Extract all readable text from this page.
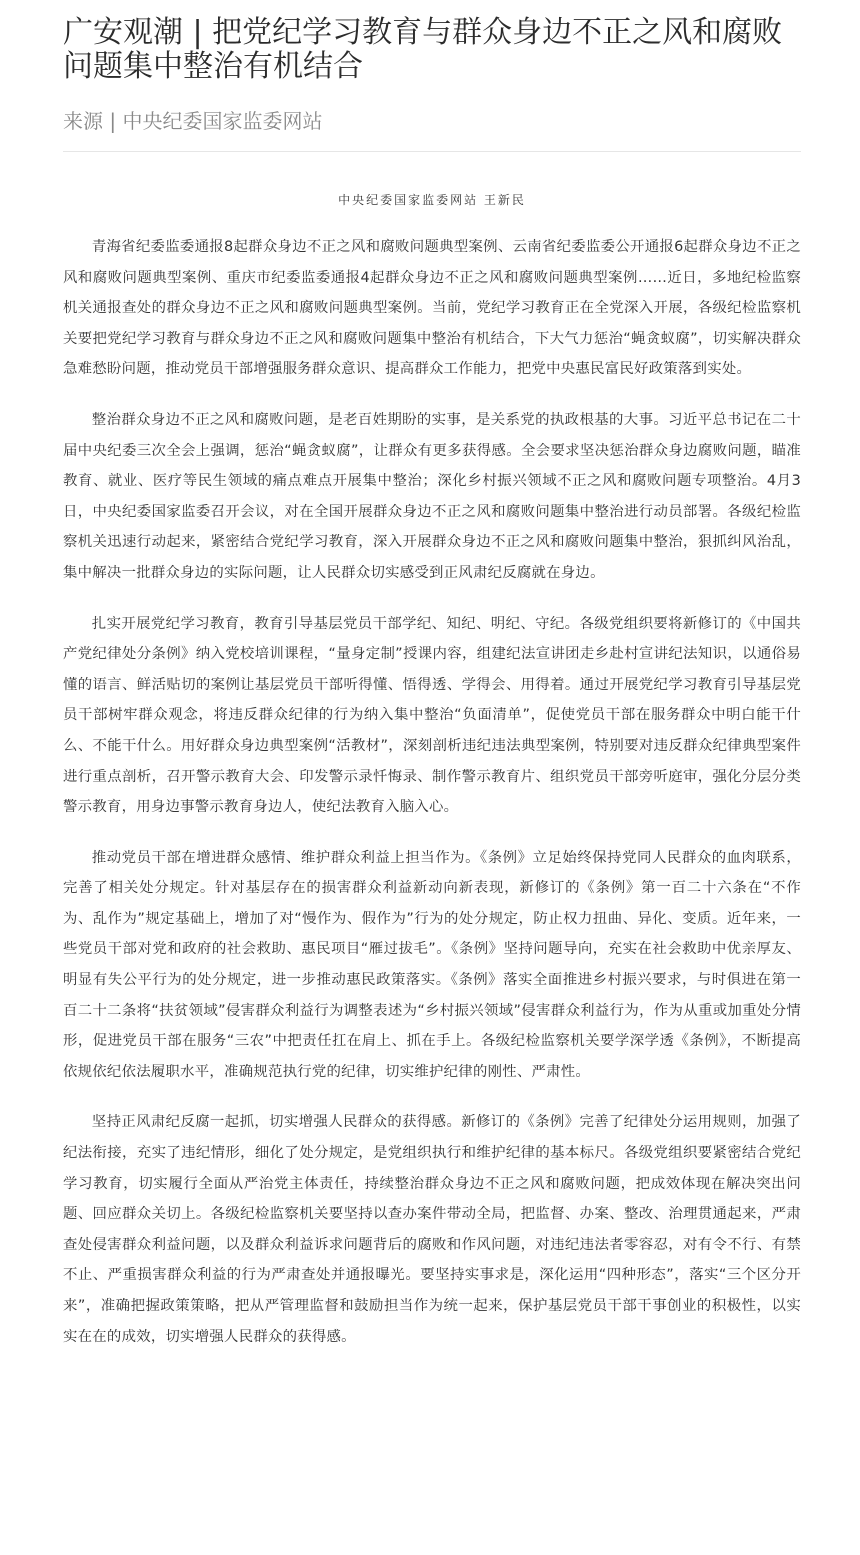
广安观潮 | 把党纪学习教育与群众身边不正之风和腐败问题集中整治有机结合
来源 | 中央纪委国家监委网站
中央纪委国家监委网站 王新民

青海省纪委监委通报8起群众身边不正之风和腐败问题典型案例、云南省纪委监委公开通报6起群众身边不正之风和腐败问题典型案例、重庆市纪委监委通报4起群众身边不正之风和腐败问题典型案例……近日，多地纪检监察机关通报查处的群众身边不正之风和腐败问题典型案例。当前，党纪学习教育正在全党深入开展，各级纪检监察机关要把党纪学习教育与群众身边不正之风和腐败问题集中整治有机结合，下大气力惩治“蝇贪蚁腐”，切实解决群众急难愁盼问题，推动党员干部增强服务群众意识、提高群众工作能力，把党中央惠民富民好政策落到实处。

整治群众身边不正之风和腐败问题，是老百姓期盼的实事，是关系党的执政根基的大事。习近平总书记在二十届中央纪委三次全会上强调，惩治“蝇贪蚁腐”，让群众有更多获得感。全会要求坚决惩治群众身边腐败问题，瞄准教育、就业、医疗等民生领域的痛点难点开展集中整治；深化乡村振兴领域不正之风和腐败问题专项整治。4月3日，中央纪委国家监委召开会议，对在全国开展群众身边不正之风和腐败问题集中整治进行动员部署。各级纪检监察机关迅速行动起来，紧密结合党纪学习教育，深入开展群众身边不正之风和腐败问题集中整治，狠抓纠风治乱，集中解决一批群众身边的实际问题，让人民群众切实感受到正风肃纪反腐就在身边。

扎实开展党纪学习教育，教育引导基层党员干部学纪、知纪、明纪、守纪。各级党组织要将新修订的《中国共产党纪律处分条例》纳入党校培训课程，“量身定制”授课内容，组建纪法宣讲团走乡赴村宣讲纪法知识，以通俗易懂的语言、鲜活贴切的案例让基层党员干部听得懂、悟得透、学得会、用得着。通过开展党纪学习教育引导基层党员干部树牢群众观念，将违反群众纪律的行为纳入集中整治“负面清单”，促使党员干部在服务群众中明白能干什么、不能干什么。用好群众身边典型案例“活教材”，深刻剖析违纪违法典型案例，特别要对违反群众纪律典型案件进行重点剖析，召开警示教育大会、印发警示录忏悔录、制作警示教育片、组织党员干部旁听庭审，强化分层分类警示教育，用身边事警示教育身边人，使纪法教育入脑入心。

推动党员干部在增进群众感情、维护群众利益上担当作为。《条例》立足始终保持党同人民群众的血肉联系，完善了相关处分规定。针对基层存在的损害群众利益新动向新表现，新修订的《条例》第一百二十六条在“不作为、乱作为”规定基础上，增加了对“慢作为、假作为”行为的处分规定，防止权力扭曲、异化、变质。近年来，一些党员干部对党和政府的社会救助、惠民项目“雁过拔毛”。《条例》坚持问题导向，充实在社会救助中优亲厚友、明显有失公平行为的处分规定，进一步推动惠民政策落实。《条例》落实全面推进乡村振兴要求，与时俱进在第一百二十二条将“扶贫领域”侵害群众利益行为调整表述为“乡村振兴领域”侵害群众利益行为，作为从重或加重处分情形，促进党员干部在服务“三农”中把责任扛在肩上、抓在手上。各级纪检监察机关要学深学透《条例》，不断提高依规依纪依法履职水平，准确规范执行党的纪律，切实维护纪律的刚性、严肃性。

坚持正风肃纪反腐一起抓，切实增强人民群众的获得感。新修订的《条例》完善了纪律处分运用规则，加强了纪法衔接，充实了违纪情形，细化了处分规定，是党组织执行和维护纪律的基本标尺。各级党组织要紧密结合党纪学习教育，切实履行全面从严治党主体责任，持续整治群众身边不正之风和腐败问题，把成效体现在解决突出问题、回应群众关切上。各级纪检监察机关要坚持以查办案件带动全局，把监督、办案、整改、治理贯通起来，严肃查处侵害群众利益问题，以及群众利益诉求问题背后的腐败和作风问题，对违纪违法者零容忍，对有令不行、有禁不止、严重损害群众利益的行为严肃查处并通报曝光。要坚持实事求是，深化运用“四种形态”，落实“三个区分开来”，准确把握政策策略，把从严管理监督和鼓励担当作为统一起来，保护基层党员干部干事创业的积极性，以实实在在的成效，切实增强人民群众的获得感。
